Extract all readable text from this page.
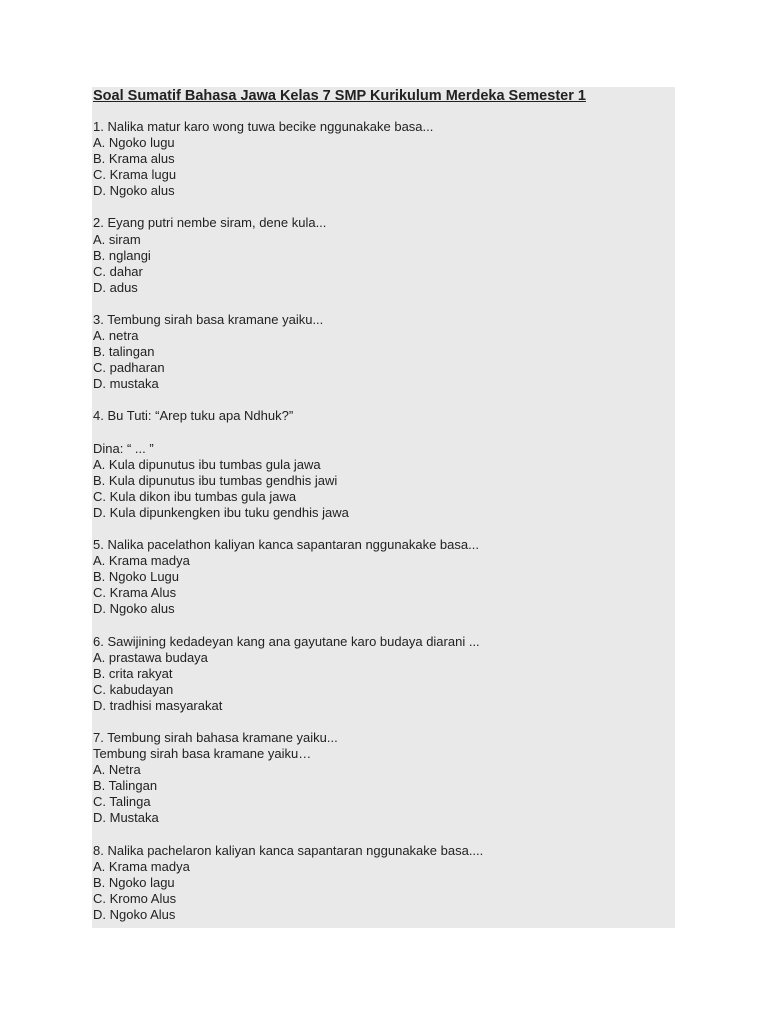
Soal Sumatif Bahasa Jawa Kelas 7 SMP Kurikulum Merdeka Semester 1
1. Nalika matur karo wong tuwa becike nggunakake basa...
A. Ngoko lugu
B. Krama alus
C. Krama lugu
D. Ngoko alus
2. Eyang putri nembe siram, dene kula...
A. siram
B. nglangi
C. dahar
D. adus
3. Tembung sirah basa kramane yaiku...
A. netra
B. talingan
C. padharan
D. mustaka
4. Bu Tuti: “Arep tuku apa Ndhuk?”
Dina: “ ... ”
A. Kula dipunutus ibu tumbas gula jawa
B. Kula dipunutus ibu tumbas gendhis jawi
C. Kula dikon ibu tumbas gula jawa
D. Kula dipunkengken ibu tuku gendhis jawa
5. Nalika pacelathon kaliyan kanca sapantaran nggunakake basa...
A. Krama madya
B. Ngoko Lugu
C. Krama Alus
D. Ngoko alus
6. Sawijining kedadeyan kang ana gayutane karo budaya diarani ...
A. prastawa budaya
B. crita rakyat
C. kabudayan
D. tradhisi masyarakat
7. Tembung sirah bahasa kramane yaiku...
Tembung sirah basa kramane yaiku…
A. Netra
B. Talingan
C. Talinga
D. Mustaka
8. Nalika pachelaron kaliyan kanca sapantaran nggunakake basa....
A. Krama madya
B. Ngoko lagu
C. Kromo Alus
D. Ngoko Alus
